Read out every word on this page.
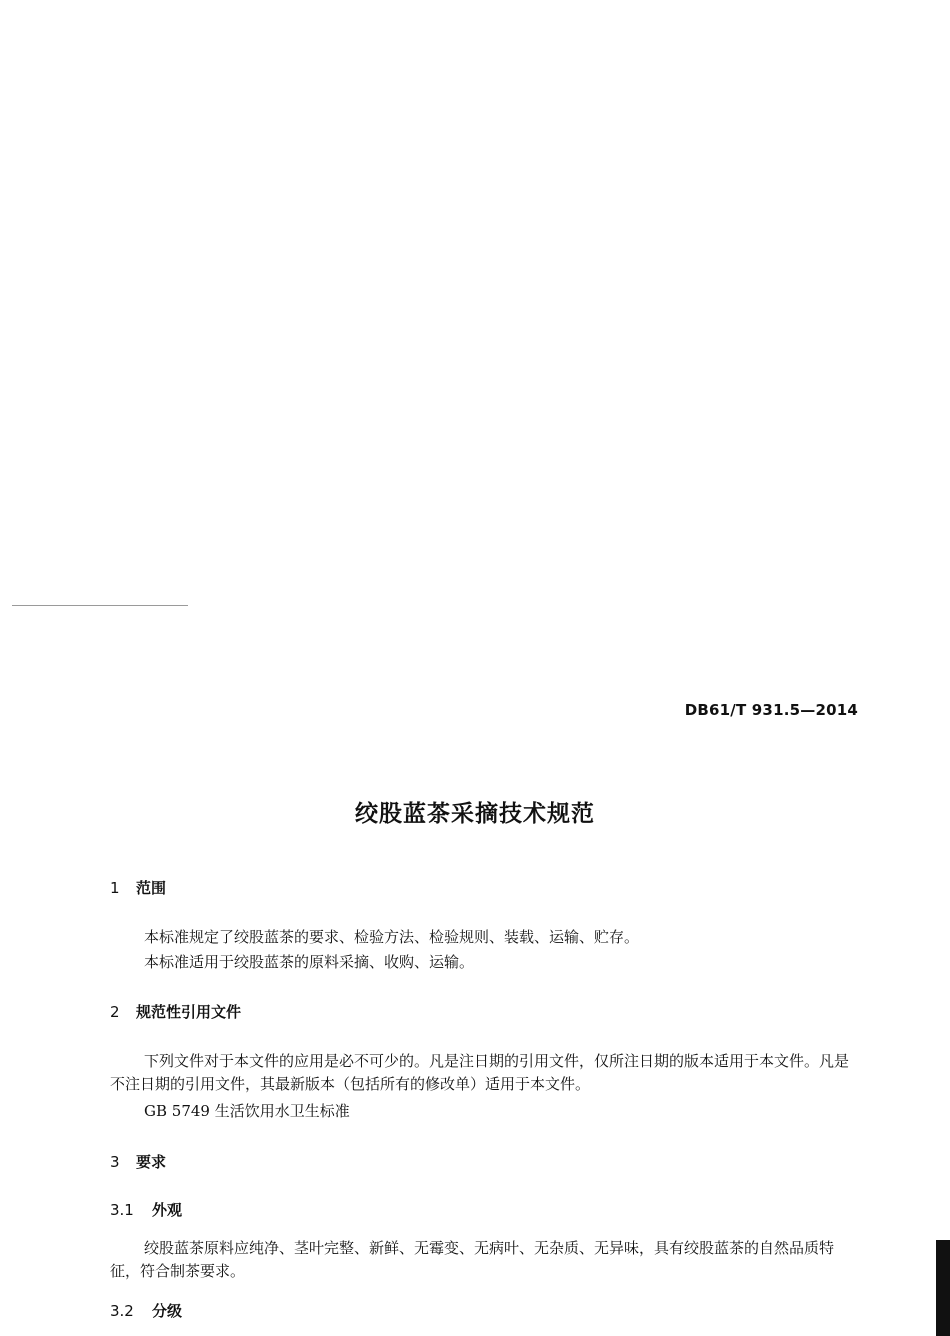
DB61/T 931.5—2014
绞股蓝茶采摘技术规范
1 范围
本标准规定了绞股蓝茶的要求、检验方法、检验规则、装载、运输、贮存。
本标准适用于绞股蓝茶的原料采摘、收购、运输。
2 规范性引用文件
下列文件对于本文件的应用是必不可少的。凡是注日期的引用文件，仅所注日期的版本适用于本文件。凡是不注日期的引用文件，其最新版本（包括所有的修改单）适用于本文件。
GB 5749 生活饮用水卫生标准
3 要求
3.1 外观
绞股蓝茶原料应纯净、茎叶完整、新鲜、无霉变、无病叶、无杂质、无异味，具有绞股蓝茶的自然品质特征，符合制茶要求。
3.2 分级
